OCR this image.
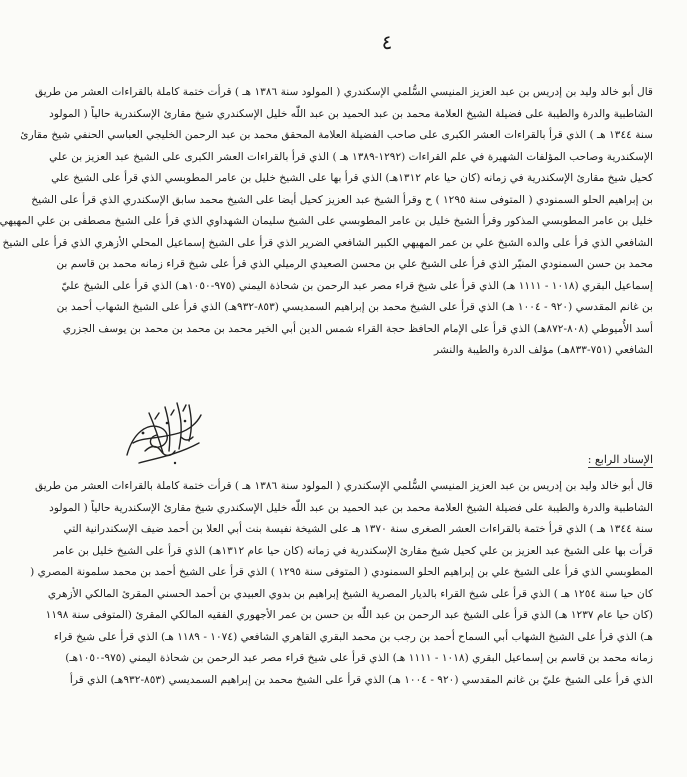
٤
قال أبو خالد وليد بن إدريس بن عبد العزيز المنيسي السُّلمي الإسكندري ( المولود سنة ١٣٨٦ هـ ) قرأت ختمة كاملة بالقراءات العشر من طريق
الشاطبية والدرة والطيبة على فضيلة الشيخ العلامة محمد بن عبد الحميد بن عبد اللّٰه خليل الإسكندري شيخ مقارئ الإسكندرية حالياً ( المولود
سنة ١٣٤٤ هـ ) الذي قرأ بالقراءات العشر الكبرى على صاحب الفضيلة العلامة المحقق محمد بن عبد الرحمن الخليجي العباسي الحنفي شيخ مقارئ
الإسكندرية وصاحب المؤلفات الشهيرة في علم القراءات (١٢٩٢-١٣٨٩ هـ ) الذي قرأ بالقراءات العشر الكبرى على الشيخ عبد العزيز بن علي
كحيل شيخ مقارئ الإسكندرية في زمانه (كان حيا عام ١٣١٢هـ) الذي قرأ بها على الشيخ خليل بن عامر المطوبسي الذي قرأ على الشيخ علي
بن إبراهيم الحلو السمنودي ( المتوفى سنة ١٢٩٥ ) ح وقرأ الشيخ عبد العزيز كحيل أيضا على الشيخ محمد سابق الإسكندري الذي قرأ على الشيخ
خليل بن عامر المطوبسي المذكور وقرأ الشيخ خليل بن عامر المطوبسي على الشيخ سليمان الشهداوي الذي قرأ على الشيخ مصطفى بن علي المهيهي
الشافعي الذي قرأ على والده الشيخ علي بن عمر المهيهي الكبير الشافعي الضرير الذي قرأ على الشيخ إسماعيل المحلي الأزهري الذي قرأ على الشيخ
محمد بن حسن السمنودي المنيّر الذي قرأ على الشيخ علي بن محسن الصعيدي الرميلي الذي قرأ على شيخ قراء زمانه محمد بن قاسم بن
إسماعيل البقري (١٠١٨ - ١١١١ هـ) الذي قرأ على شيخ قراء مصر عبد الرحمن بن شحاذة اليمني (٩٧٥-١٠٥٠هـ) الذي قرأ على الشيخ عليّ
بن غانم المقدسي (٩٢٠ - ١٠٠٤ هـ) الذي قرأ على الشيخ محمد بن إبراهيم السمديسي (٨٥٣-٩٣٢هـ) الذي قرأ على الشيخ الشهاب أحمد بن
أسد الأُميوطي (٨٠٨-٨٧٢هـ) الذي قرأ على الإمام الحافظ حجة القراء شمس الدين أبي الخير محمد بن محمد بن محمد بن يوسف الجزري
الشافعي (٧٥١-٨٣٣هـ) مؤلف الدرة والطيبة والنشر
الإسناد الرابع :
قال أبو خالد وليد بن إدريس بن عبد العزيز المنيسي السُّلمي الإسكندري ( المولود سنة ١٣٨٦ هـ ) قرأت ختمة كاملة بالقراءات العشر من طريق
الشاطبية والدرة والطيبة على فضيلة الشيخ العلامة محمد بن عبد الحميد بن عبد اللّٰه خليل الإسكندري شيخ مقارئ الإسكندرية حالياً ( المولود
سنة ١٣٤٤ هـ ) الذي قرأ ختمة بالقراءات العشر الصغرى سنة ١٣٧٠ هـ على الشيخة نفيسة بنت أبي العلا بن أحمد ضيف الإسكندرانية التي
قرأت بها على الشيخ عبد العزيز بن علي كحيل شيخ مقارئ الإسكندرية في زمانه (كان حيا عام ١٣١٢هـ) الذي قرأ على الشيخ خليل بن عامر
المطوبسي الذي قرأ على الشيخ علي بن إبراهيم الحلو السمنودي ( المتوفى سنة ١٢٩٥ ) الذي قرأ على الشيخ أحمد بن محمد سلمونة المصري (
كان حيا سنة ١٢٥٤ هـ ) الذي قرأ على شيخ القراء بالديار المصرية الشيخ إبراهيم بن بدوي العبيدي بن أحمد الحسني المقرئ المالكي الأزهري
(كان حيا عام ١٢٣٧ هـ) الذي قرأ على الشيخ عبد الرحمن بن عبد اللّٰه بن حسن بن عمر الأجهوري الفقيه المالكي المقرئ (المتوفى سنة ١١٩٨
هـ) الذي قرأ على الشيخ الشهاب أبي السماح أحمد بن رجب بن محمد البقري القاهري الشافعي (١٠٧٤ - ١١٨٩ هـ) الذي قرأ على شيخ قراء
زمانه محمد بن قاسم بن إسماعيل البقري (١٠١٨ - ١١١١ هـ) الذي قرأ على شيخ قراء مصر عبد الرحمن بن شحاذة اليمني (٩٧٥-١٠٥٠هـ)
الذي قرأ على الشيخ عليّ بن غانم المقدسي (٩٢٠ - ١٠٠٤ هـ) الذي قرأ على الشيخ محمد بن إبراهيم السمديسي (٨٥٣-٩٣٢هـ) الذي قرأ
